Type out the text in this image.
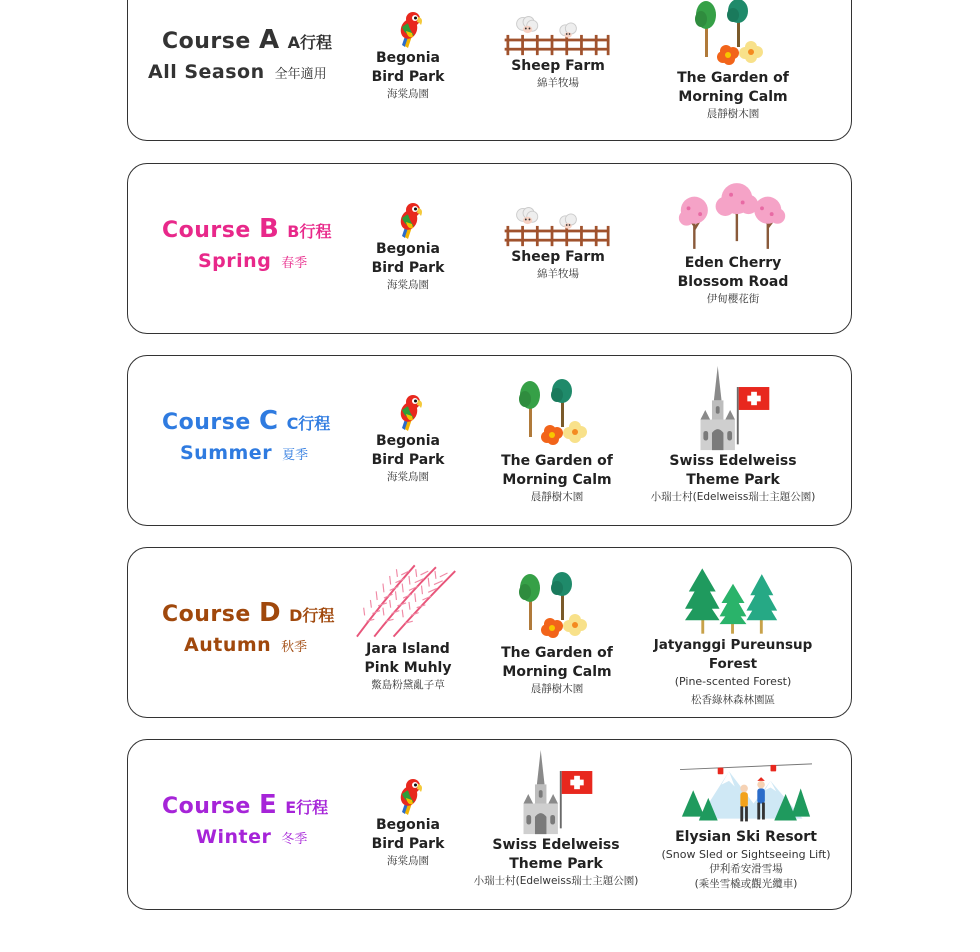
Course A A行程
All Season 全年適用
Begonia
Bird Park
海棠鳥園
Sheep Farm
綿羊牧場	The Garden of
Morning Calm
晨靜樹木園
Course B B行程
Spring 春季
Begonia
Bird Park
海棠鳥園
Sheep Farm
綿羊牧場
Eden Cherry
Blossom Road
伊甸櫻花街
Course C C行程
Summer 夏季
Begonia
Bird Park
海棠鳥園
The Garden of
Morning Calm
晨靜樹木園
Swiss Edelweiss
Theme Park
小瑞士村(Edelweiss瑞士主題公園)
Course D D行程
Autumn 秋季	Jara Island
Pink Muhly
鱉島粉黛亂子草
The Garden of
Morning Calm
晨靜樹木園
Jatyanggi Pureunsup Forest
(Pine-scented Forest)
松香綠林森林園區
Course E E行程
Winter 冬季
Begonia
Bird Park
海棠鳥園
Swiss Edelweiss
Theme Park
小瑞士村(Edelweiss瑞士主題公園)
Elysian Ski Resort
(Snow Sled or Sightseeing Lift)
伊利希安滑雪場
(乘坐雪橇或觀光纜車)
